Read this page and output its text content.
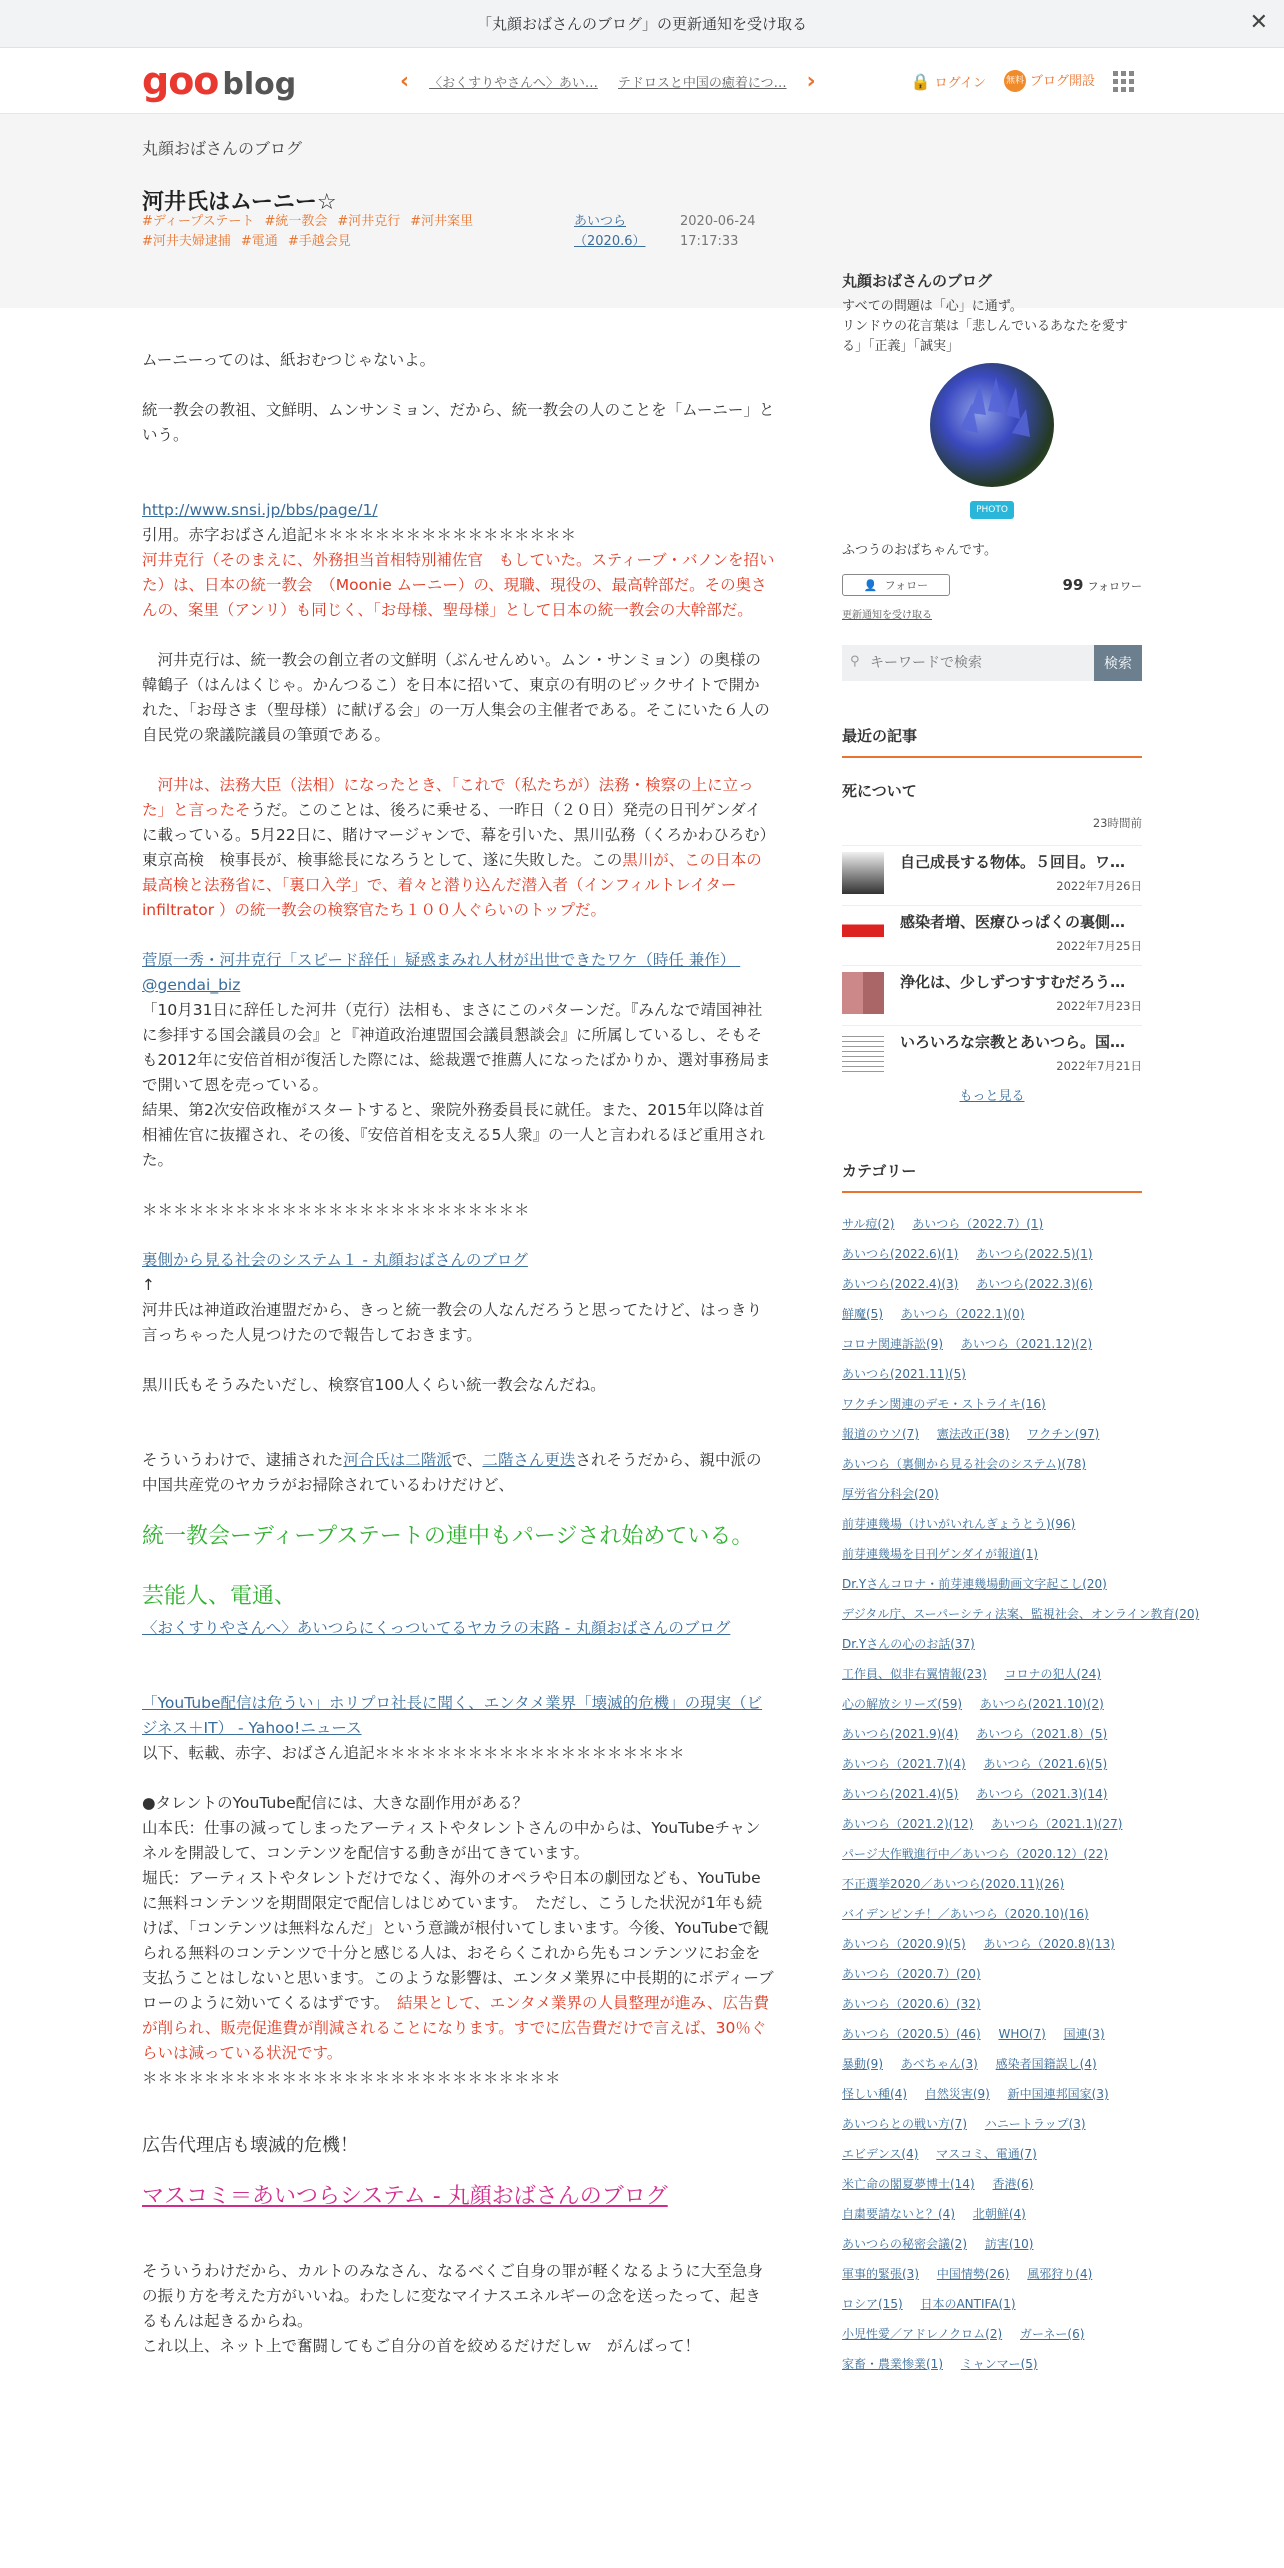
「丸顔おばさんのブログ」の更新通知を受け取る	✕
goo blog	‹ 〈おくすりやさんへ〉あい… テドロスと中国の癒着につ… ›	🔒 ログイン 無料 ブログ開設
丸顔おばさんのブログ
河井氏はムーニー☆
#ディープステート #統一教会 #河井克行 #河井案里
#河井夫婦逮捕 #電通 #手越会見
あいつら
（2020.6）
2020-06-24
17:17:33

ムーニーってのは、紙おむつじゃないよ。

統一教会の教祖、文鮮明、ムンサンミョン、だから、統一教会の人のことを「ムーニー」という。

http://www.snsi.jp/bbs/page/1/

引用。赤字おばさん追記＊＊＊＊＊＊＊＊＊＊＊＊＊＊＊＊＊

河井克行（そのまえに、外務担当首相特別補佐官　もしていた。スティーブ・バノンを招いた）は、日本の統一教会　（Moonie ムーニー）の、現職、現役の、最高幹部だ。その奥さんの、案里（アンリ）も同じく、「お母様、聖母様」として日本の統一教会の大幹部だ。

　河井克行は、統一教会の創立者の文鮮明（ぶんせんめい。ムン・サンミョン）の奥様の韓鶴子（はんはくじゃ。かんつるこ）を日本に招いて、東京の有明のビックサイトで開かれた、「お母さま（聖母様）に献げる会」の一万人集会の主催者である。そこにいた６人の自民党の衆議院議員の筆頭である。

　河井は、法務大臣（法相）になったとき、「これで（私たちが）法務・検察の上に立った」と言ったそうだ。このことは、後ろに乗せる、一昨日（２０日）発売の日刊ゲンダイに載っている。5月22日に、賭けマージャンで、幕を引いた、黒川弘務（くろかわひろむ）東京高検　検事長が、検事総長になろうとして、遂に失敗した。この黒川が、この日本の最高検と法務省に、「裏口入学」で、着々と潜り込んだ潜入者（インフィルトレイターinfiltrator ）の統一教会の検察官たち１００人ぐらいのトップだ。

菅原一秀・河井克行「スピード辞任」疑惑まみれ人材が出世できたワケ（時任 兼作） @gendai_biz

「10月31日に辞任した河井（克行）法相も、まさにこのパターンだ。『みんなで靖国神社に参拝する国会議員の会』と『神道政治連盟国会議員懇談会』に所属しているし、そもそも2012年に安倍首相が復活した際には、総裁選で推薦人になったばかりか、選対事務局まで開いて恩を売っている。
結果、第2次安倍政権がスタートすると、衆院外務委員長に就任。また、2015年以降は首相補佐官に抜擢され、その後、『安倍首相を支える5人衆』の一人と言われるほど重用された。

＊＊＊＊＊＊＊＊＊＊＊＊＊＊＊＊＊＊＊＊＊＊＊＊＊

裏側から見る社会のシステム１ - 丸顔おばさんのブログ

↑

河井氏は神道政治連盟だから、きっと統一教会の人なんだろうと思ってたけど、はっきり言っちゃった人見つけたので報告しておきます。

黒川氏もそうみたいだし、検察官100人くらい統一教会なんだね。

そういうわけで、逮捕された河合氏は二階派で、二階さん更迭されそうだから、親中派の中国共産党のヤカラがお掃除されているわけだけど、

統一教会ーディープステートの連中もパージされ始めている。

芸能人、電通、

〈おくすりやさんへ〉あいつらにくっついてるヤカラの末路 - 丸顔おばさんのブログ

「YouTube配信は危うい」ホリプロ社長に聞く、エンタメ業界「壊滅的危機」の現実（ビジネス＋IT） - Yahoo!ニュース

以下、転載、赤字、おばさん追記＊＊＊＊＊＊＊＊＊＊＊＊＊＊＊＊＊＊＊＊

●タレントのYouTube配信には、大きな副作用がある？
山本氏：仕事の減ってしまったアーティストやタレントさんの中からは、YouTubeチャンネルを開設して、コンテンツを配信する動きが出てきています。
堀氏：アーティストやタレントだけでなく、海外のオペラや日本の劇団なども、YouTubeに無料コンテンツを期間限定で配信しはじめています。　ただし、こうした状況が1年も続けば、「コンテンツは無料なんだ」という意識が根付いてしまいます。今後、YouTubeで観られる無料のコンテンツで十分と感じる人は、おそらくこれから先もコンテンツにお金を支払うことはしないと思います。このような影響は、エンタメ業界に中長期的にボディーブローのように効いてくるはずです。　結果として、エンタメ業界の人員整理が進み、広告費が削られ、販売促進費が削減されることになります。すでに広告費だけで言えば、30％ぐらいは減っている状況です。

＊＊＊＊＊＊＊＊＊＊＊＊＊＊＊＊＊＊＊＊＊＊＊＊＊＊＊

広告代理店も壊滅的危機！

マスコミ＝あいつらシステム - 丸顔おばさんのブログ

そういうわけだから、カルトのみなさん、なるべくご自身の罪が軽くなるように大至急身の振り方を考えた方がいいね。わたしに変なマイナスエネルギーの念を送ったって、起きるもんは起きるからね。
これ以上、ネット上で奮闘してもご自分の首を絞めるだけだしｗ　がんばって！

丸顔おばさんのブログ

すべての問題は「心」に通ず。
リンドウの花言葉は「悲しんでいるあなたを愛する」「正義」「誠実」

PHOTO

ふつうのおばちゃんです。

👤
フォロー	99 フォロワー

更新通知を受け取る

⚲
キーワードで検索	検索
最近の記事
死について
23時間前
自己成長する物体。５回目。ワ…
2022年7月26日
感染者増、医療ひっぱくの裏側…
2022年7月25日
浄化は、少しずつすすむだろう…
2022年7月23日
いろいろな宗教とあいつら。国…
2022年7月21日
もっと見る
カテゴリー
サル痘(2) あいつら（2022.7）(1) あいつら(2022.6)(1) あいつら(2022.5)(1) あいつら(2022.4)(3) あいつら(2022.3)(6) 鮮魔(5) あいつら（2022.1)(0) コロナ関連訴訟(9) あいつら（2021.12)(2) あいつら(2021.11)(5) ワクチン関連のデモ・ストライキ(16) 報道のウソ(7) 憲法改正(38) ワクチン(97) あいつら（裏側から見る社会のシステム)(78) 厚労省分科会(20) 前芽連幾場（けいがいれんぎょうとう)(96) 前芽連幾場を日刊ゲンダイが報道(1) Dr.Yさんコロナ・前芽連幾場動画文字起こし(20) デジタル庁、スーパーシティ法案、監視社会、オンライン教育(20) Dr.Yさんの心のお話(37) 工作員、似非右翼情報(23) コロナの犯人(24) 心の解放シリーズ(59) あいつら(2021.10)(2) あいつら(2021.9)(4) あいつら（2021.8）(5) あいつら（2021.7)(4) あいつら（2021.6)(5) あいつら(2021.4)(5) あいつら（2021.3)(14) あいつら（2021.2)(12) あいつら（2021.1)(27) パージ大作戦進行中／あいつら（2020.12）(22) 不正選挙2020／あいつら(2020.11)(26) バイデンピンチ！／あいつら（2020.10)(16) あいつら（2020.9)(5) あいつら（2020.8)(13) あいつら（2020.7）(20) あいつら（2020.6）(32) あいつら（2020.5）(46) WHO(7) 国連(3) 暴動(9) あべちゃん(3) 感染者国籍誤し(4) 怪しい種(4) 自然災害(9) 新中国連邦国家(3) あいつらとの戦い方(7) ハニートラップ(3) エビデンス(4) マスコミ、電通(7) 米亡命の閣夏夢博士(14) 香港(6) 自粛要請ないと？(4) 北朝鮮(4) あいつらの秘密会議(2) 訪害(10) 軍事的緊張(3) 中国情勢(26) 風邪狩り(4) ロシア(15) 日本のANTIFA(1) 小児性愛／アドレノクロム(2) ガーネー(6) 家畜・農業惨業(1) ミャンマー(5)
